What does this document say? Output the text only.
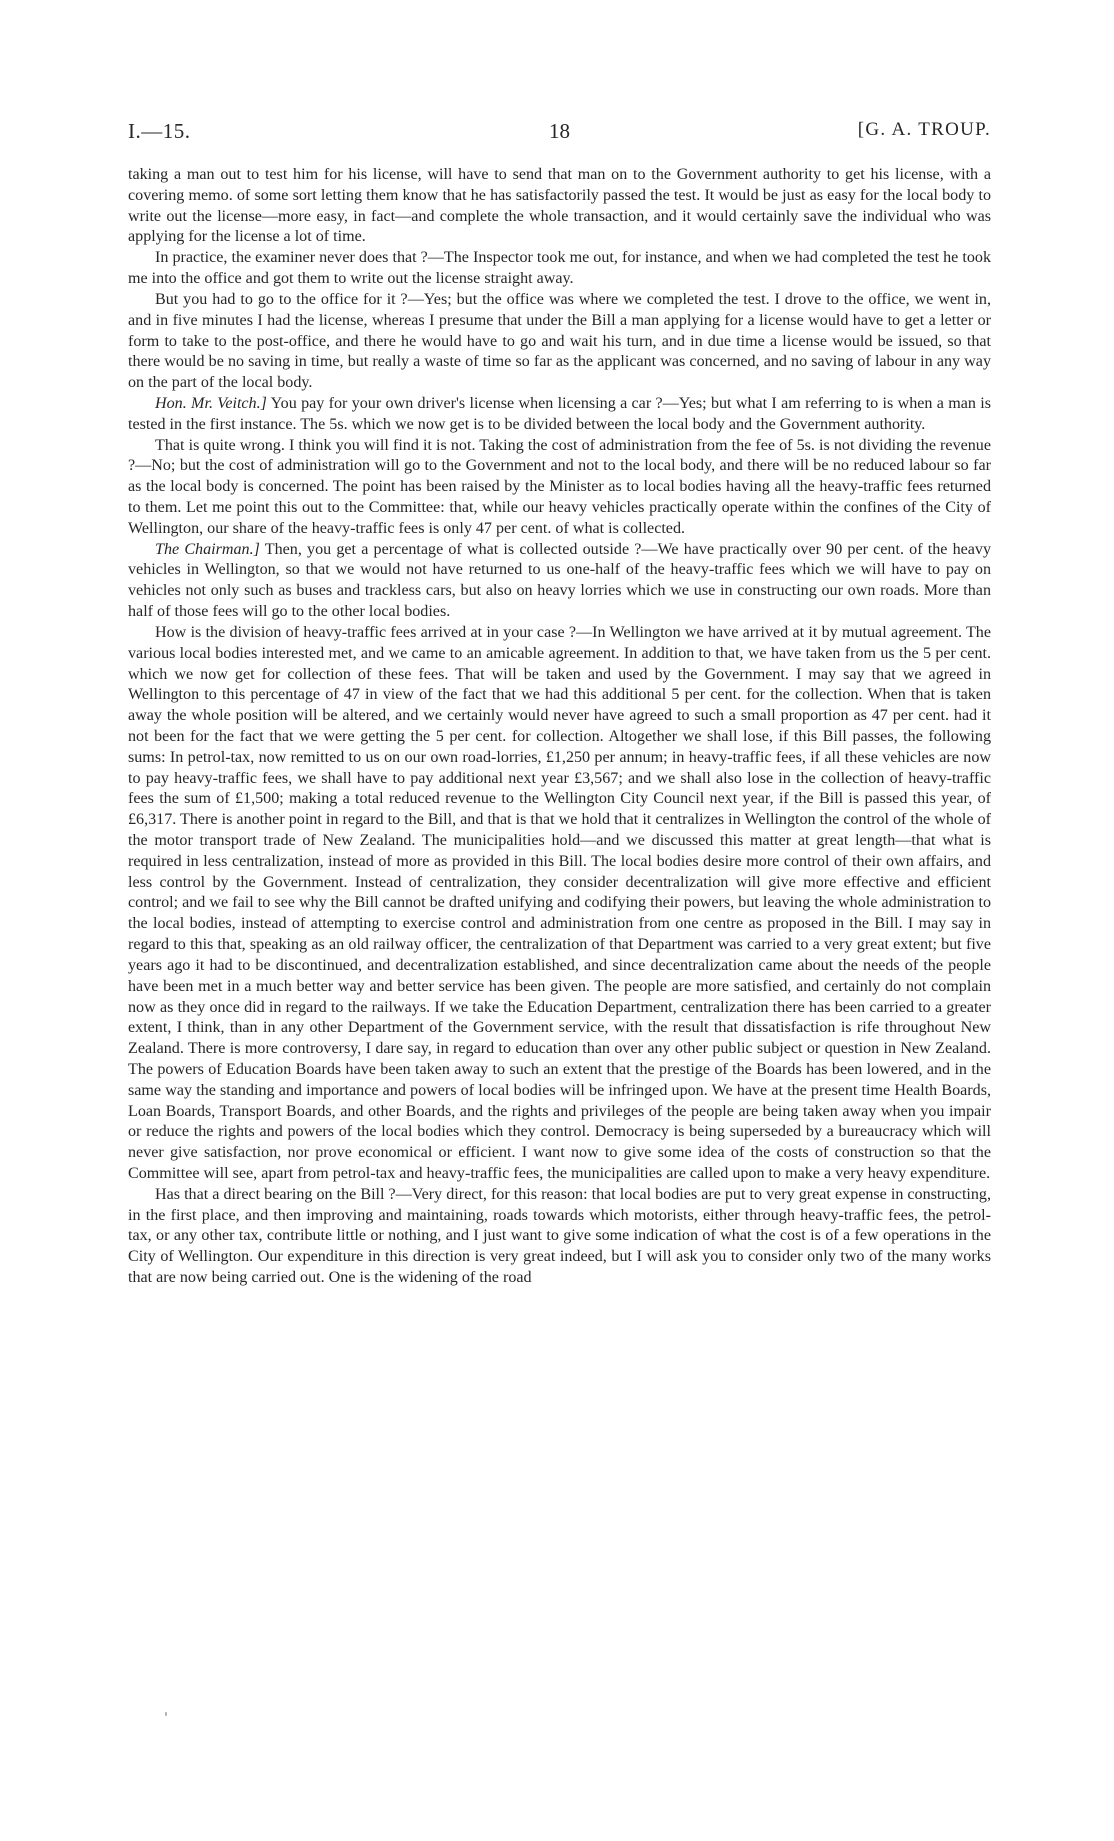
I.—15.	18	[G. A. TROUP.

taking a man out to test him for his license, will have to send that man on to the Government authority to get his license, with a covering memo. of some sort letting them know that he has satisfactorily passed the test. It would be just as easy for the local body to write out the license—more easy, in fact—and complete the whole transaction, and it would certainly save the individual who was applying for the license a lot of time.

In practice, the examiner never does that ?—The Inspector took me out, for instance, and when we had completed the test he took me into the office and got them to write out the license straight away.

But you had to go to the office for it ?—Yes; but the office was where we completed the test. I drove to the office, we went in, and in five minutes I had the license, whereas I presume that under the Bill a man applying for a license would have to get a letter or form to take to the post-office, and there he would have to go and wait his turn, and in due time a license would be issued, so that there would be no saving in time, but really a waste of time so far as the applicant was concerned, and no saving of labour in any way on the part of the local body.

Hon. Mr. Veitch.] You pay for your own driver's license when licensing a car ?—Yes; but what I am referring to is when a man is tested in the first instance. The 5s. which we now get is to be divided between the local body and the Government authority.

That is quite wrong. I think you will find it is not. Taking the cost of administration from the fee of 5s. is not dividing the revenue ?—No; but the cost of administration will go to the Government and not to the local body, and there will be no reduced labour so far as the local body is concerned. The point has been raised by the Minister as to local bodies having all the heavy-traffic fees returned to them. Let me point this out to the Committee: that, while our heavy vehicles practically operate within the confines of the City of Wellington, our share of the heavy-traffic fees is only 47 per cent. of what is collected.

The Chairman.] Then, you get a percentage of what is collected outside ?—We have practically over 90 per cent. of the heavy vehicles in Wellington, so that we would not have returned to us one-half of the heavy-traffic fees which we will have to pay on vehicles not only such as buses and trackless cars, but also on heavy lorries which we use in constructing our own roads. More than half of those fees will go to the other local bodies.

How is the division of heavy-traffic fees arrived at in your case ?—In Wellington we have arrived at it by mutual agreement. The various local bodies interested met, and we came to an amicable agreement. In addition to that, we have taken from us the 5 per cent. which we now get for collection of these fees. That will be taken and used by the Government. I may say that we agreed in Wellington to this percentage of 47 in view of the fact that we had this additional 5 per cent. for the collection. When that is taken away the whole position will be altered, and we certainly would never have agreed to such a small proportion as 47 per cent. had it not been for the fact that we were getting the 5 per cent. for collection. Altogether we shall lose, if this Bill passes, the following sums: In petrol-tax, now remitted to us on our own road-lorries, £1,250 per annum; in heavy-traffic fees, if all these vehicles are now to pay heavy-traffic fees, we shall have to pay additional next year £3,567; and we shall also lose in the collection of heavy-traffic fees the sum of £1,500; making a total reduced revenue to the Wellington City Council next year, if the Bill is passed this year, of £6,317. There is another point in regard to the Bill, and that is that we hold that it centralizes in Wellington the control of the whole of the motor transport trade of New Zealand. The municipalities hold—and we discussed this matter at great length—that what is required in less centralization, instead of more as provided in this Bill. The local bodies desire more control of their own affairs, and less control by the Government. Instead of centralization, they consider decentralization will give more effective and efficient control; and we fail to see why the Bill cannot be drafted unifying and codifying their powers, but leaving the whole administration to the local bodies, instead of attempting to exercise control and administration from one centre as proposed in the Bill. I may say in regard to this that, speaking as an old railway officer, the centralization of that Department was carried to a very great extent; but five years ago it had to be discontinued, and decentralization established, and since decentralization came about the needs of the people have been met in a much better way and better service has been given. The people are more satisfied, and certainly do not complain now as they once did in regard to the railways. If we take the Education Department, centralization there has been carried to a greater extent, I think, than in any other Department of the Government service, with the result that dissatisfaction is rife throughout New Zealand. There is more controversy, I dare say, in regard to education than over any other public subject or question in New Zealand. The powers of Education Boards have been taken away to such an extent that the prestige of the Boards has been lowered, and in the same way the standing and importance and powers of local bodies will be infringed upon. We have at the present time Health Boards, Loan Boards, Transport Boards, and other Boards, and the rights and privileges of the people are being taken away when you impair or reduce the rights and powers of the local bodies which they control. Democracy is being superseded by a bureaucracy which will never give satisfaction, nor prove economical or efficient. I want now to give some idea of the costs of construction so that the Committee will see, apart from petrol-tax and heavy-traffic fees, the municipalities are called upon to make a very heavy expenditure.

Has that a direct bearing on the Bill ?—Very direct, for this reason: that local bodies are put to very great expense in constructing, in the first place, and then improving and maintaining, roads towards which motorists, either through heavy-traffic fees, the petrol-tax, or any other tax, contribute little or nothing, and I just want to give some indication of what the cost is of a few operations in the City of Wellington. Our expenditure in this direction is very great indeed, but I will ask you to consider only two of the many works that are now being carried out. One is the widening of the road
